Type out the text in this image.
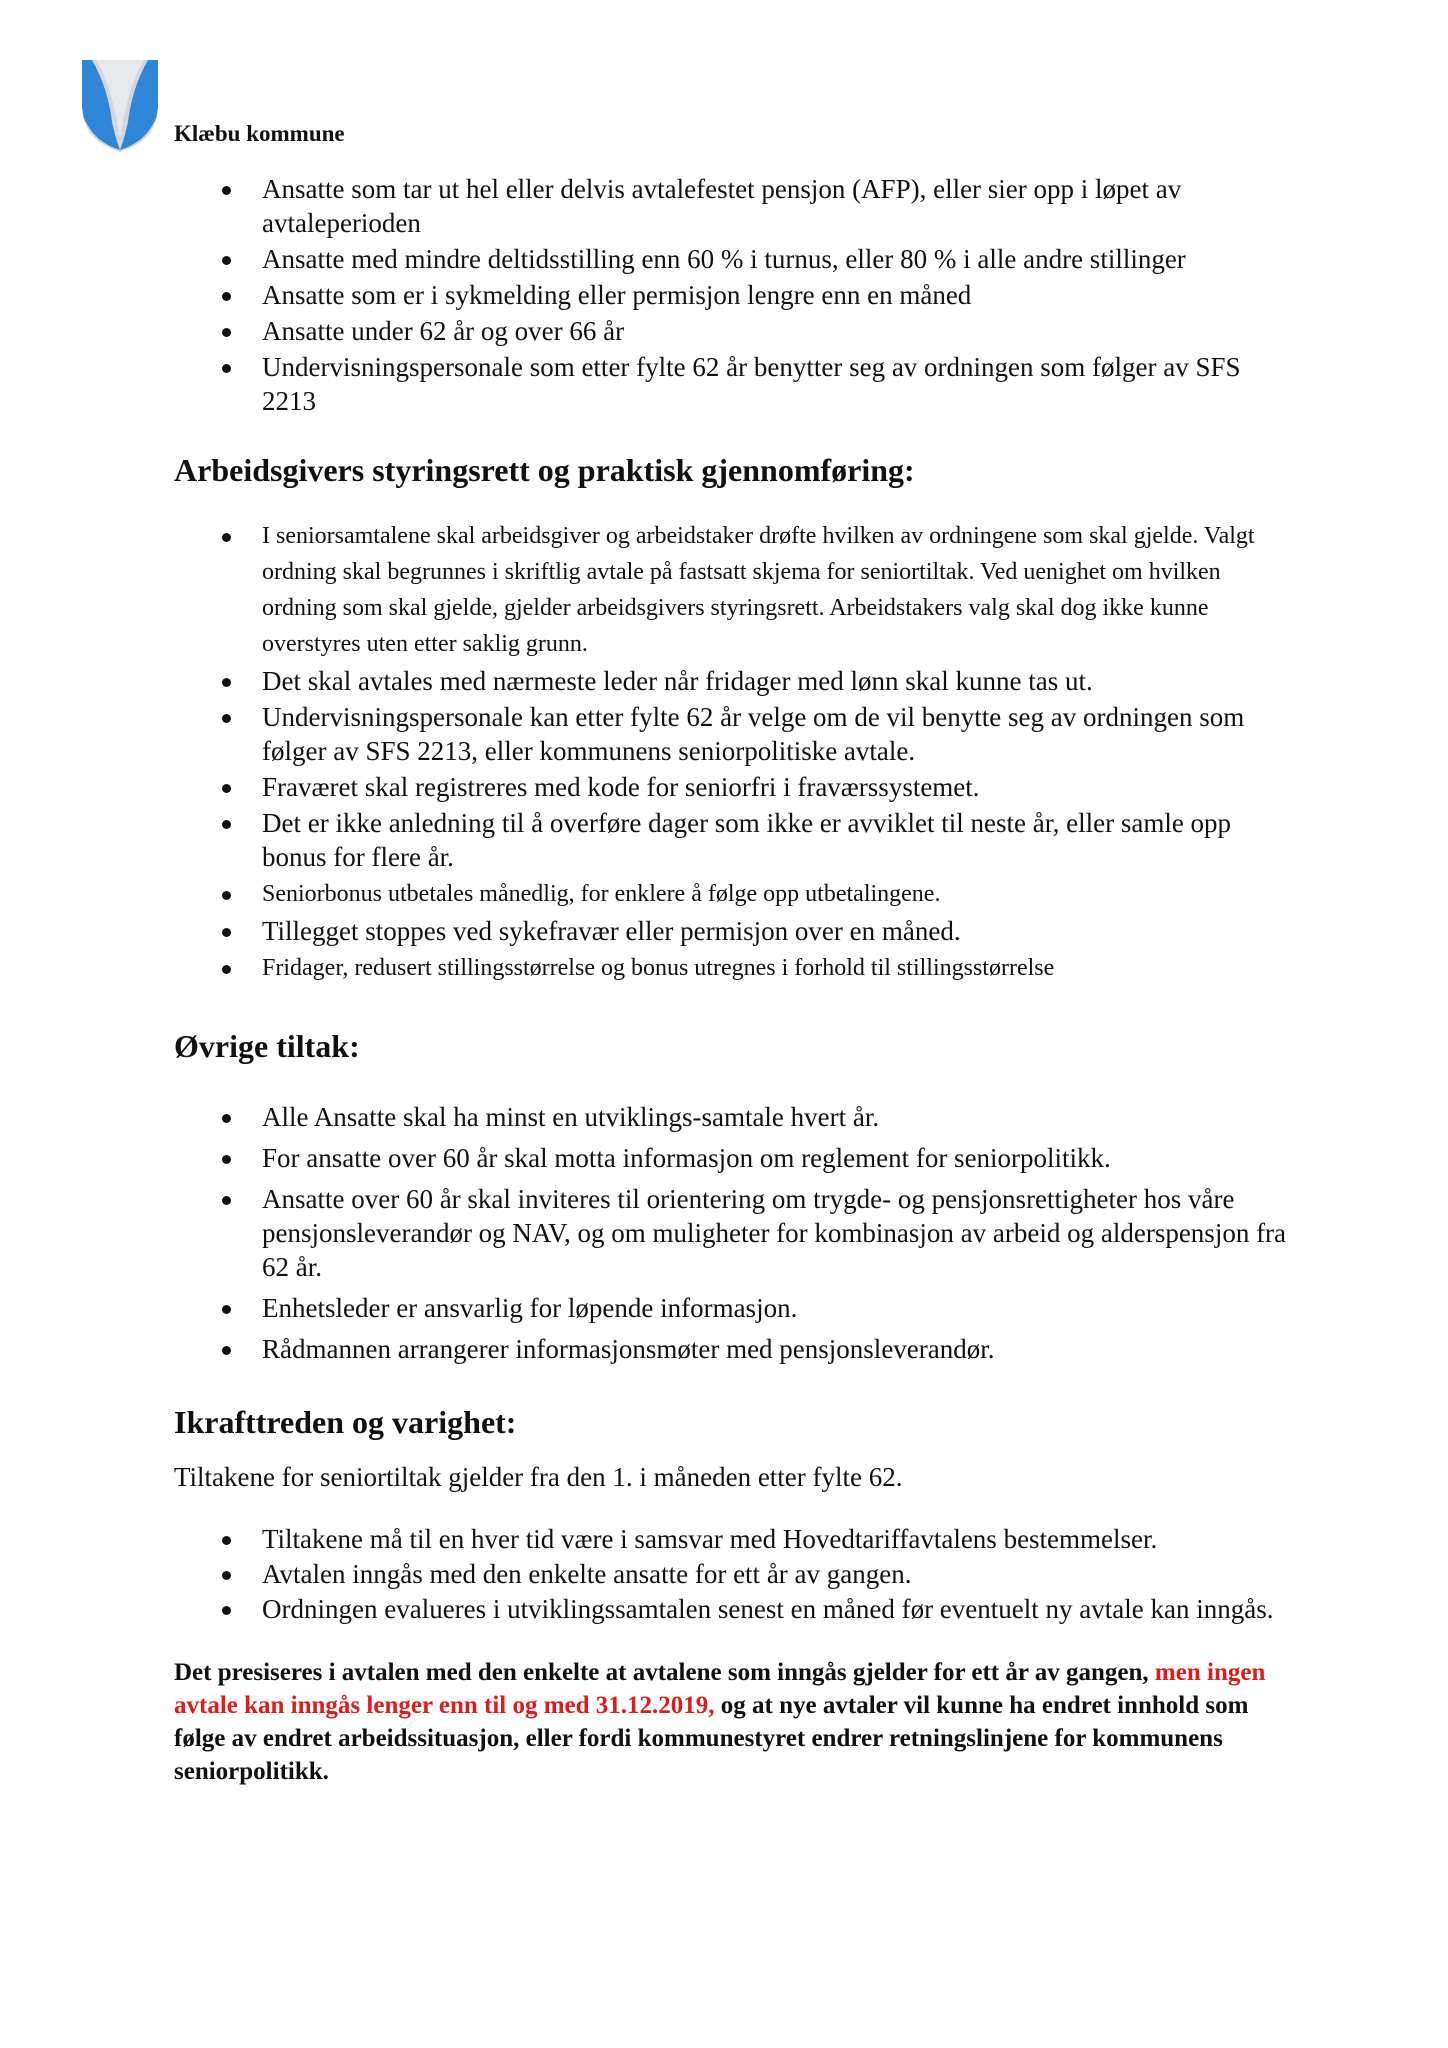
Klæbu kommune
Ansatte som tar ut hel eller delvis avtalefestet pensjon (AFP), eller sier opp i løpet av avtaleperioden
Ansatte med mindre deltidsstilling enn 60 % i turnus, eller 80 % i alle andre stillinger
Ansatte som er i sykmelding eller permisjon lengre enn en måned
Ansatte under 62 år og over 66 år
Undervisningspersonale som etter fylte 62 år benytter seg av ordningen som følger av SFS 2213
Arbeidsgivers styringsrett og praktisk gjennomføring:
I seniorsamtalene skal arbeidsgiver og arbeidstaker drøfte hvilken av ordningene som skal gjelde. Valgt ordning skal begrunnes i skriftlig avtale på fastsatt skjema for seniortiltak. Ved uenighet om hvilken ordning som skal gjelde, gjelder arbeidsgivers styringsrett. Arbeidstakers valg skal dog ikke kunne overstyres uten etter saklig grunn.
Det skal avtales med nærmeste leder når fridager med lønn skal kunne tas ut.
Undervisningspersonale kan etter fylte 62 år velge om de vil benytte seg av ordningen som følger av SFS 2213, eller kommunens seniorpolitiske avtale.
Fraværet skal registreres med kode for seniorfri i fraværssystemet.
Det er ikke anledning til å overføre dager som ikke er avviklet til neste år, eller samle opp bonus for flere år.
Seniorbonus utbetales månedlig, for enklere å følge opp utbetalingene.
Tillegget stoppes ved sykefravær eller permisjon over en måned.
Fridager, redusert stillingsstørrelse og bonus utregnes i forhold til stillingsstørrelse
Øvrige tiltak:
Alle Ansatte skal ha minst en utviklings-samtale hvert år.
For ansatte over 60 år skal motta informasjon om reglement for seniorpolitikk.
Ansatte over 60 år skal inviteres til orientering om trygde- og pensjonsrettigheter hos våre pensjonsleverandør og NAV, og om muligheter for kombinasjon av arbeid og alderspensjon fra 62 år.
Enhetsleder er ansvarlig for løpende informasjon.
Rådmannen arrangerer informasjonsmøter med pensjonsleverandør.
Ikrafttreden og varighet:

Tiltakene for seniortiltak gjelder fra den 1. i måneden etter fylte 62.

Tiltakene må til en hver tid være i samsvar med Hovedtariffavtalens bestemmelser.
Avtalen inngås med den enkelte ansatte for ett år av gangen.
Ordningen evalueres i utviklingssamtalen senest en måned før eventuelt ny avtale kan inngås.

Det presiseres i avtalen med den enkelte at avtalene som inngås gjelder for ett år av gangen, men ingen avtale kan inngås lenger enn til og med 31.12.2019, og at nye avtaler vil kunne ha endret innhold som følge av endret arbeidssituasjon, eller fordi kommunestyret endrer retningslinjene for kommunens seniorpolitikk.
